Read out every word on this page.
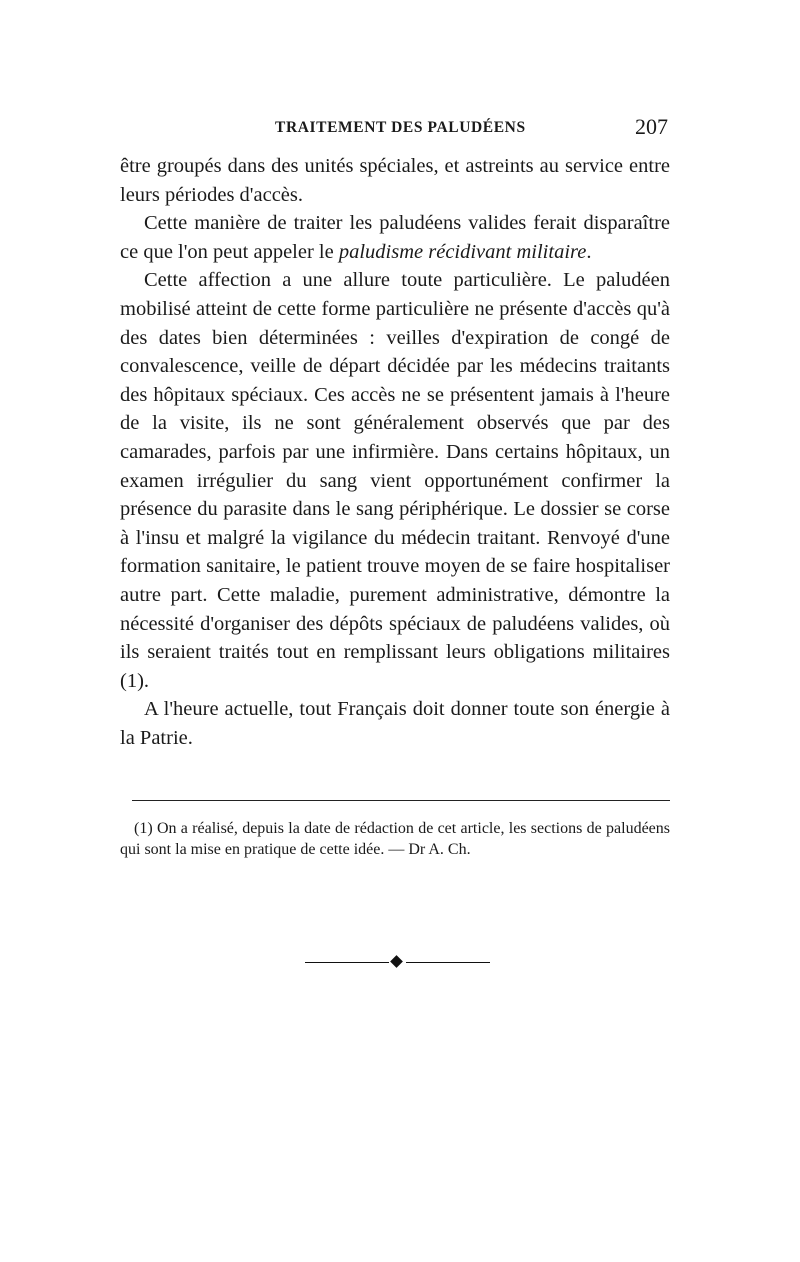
TRAITEMENT DES PALUDÉENS	207

être groupés dans des unités spéciales, et astreints au service entre leurs périodes d'accès.

Cette manière de traiter les paludéens valides ferait disparaître ce que l'on peut appeler le paludisme récidivant militaire.

Cette affection a une allure toute particulière. Le paludéen mobilisé atteint de cette forme particulière ne présente d'accès qu'à des dates bien déterminées : veilles d'expiration de congé de convalescence, veille de départ décidée par les médecins traitants des hôpitaux spéciaux. Ces accès ne se présentent jamais à l'heure de la visite, ils ne sont généralement observés que par des camarades, parfois par une infirmière. Dans certains hôpitaux, un examen irrégulier du sang vient opportunément confirmer la présence du parasite dans le sang périphérique. Le dossier se corse à l'insu et malgré la vigilance du médecin traitant. Renvoyé d'une formation sanitaire, le patient trouve moyen de se faire hospitaliser autre part. Cette maladie, purement administrative, démontre la nécessité d'organiser des dépôts spéciaux de paludéens valides, où ils seraient traités tout en remplissant leurs obligations militaires (1).

A l'heure actuelle, tout Français doit donner toute son énergie à la Patrie.

(1) On a réalisé, depuis la date de rédaction de cet article, les sections de paludéens qui sont la mise en pratique de cette idée. — Dr A. Ch.
